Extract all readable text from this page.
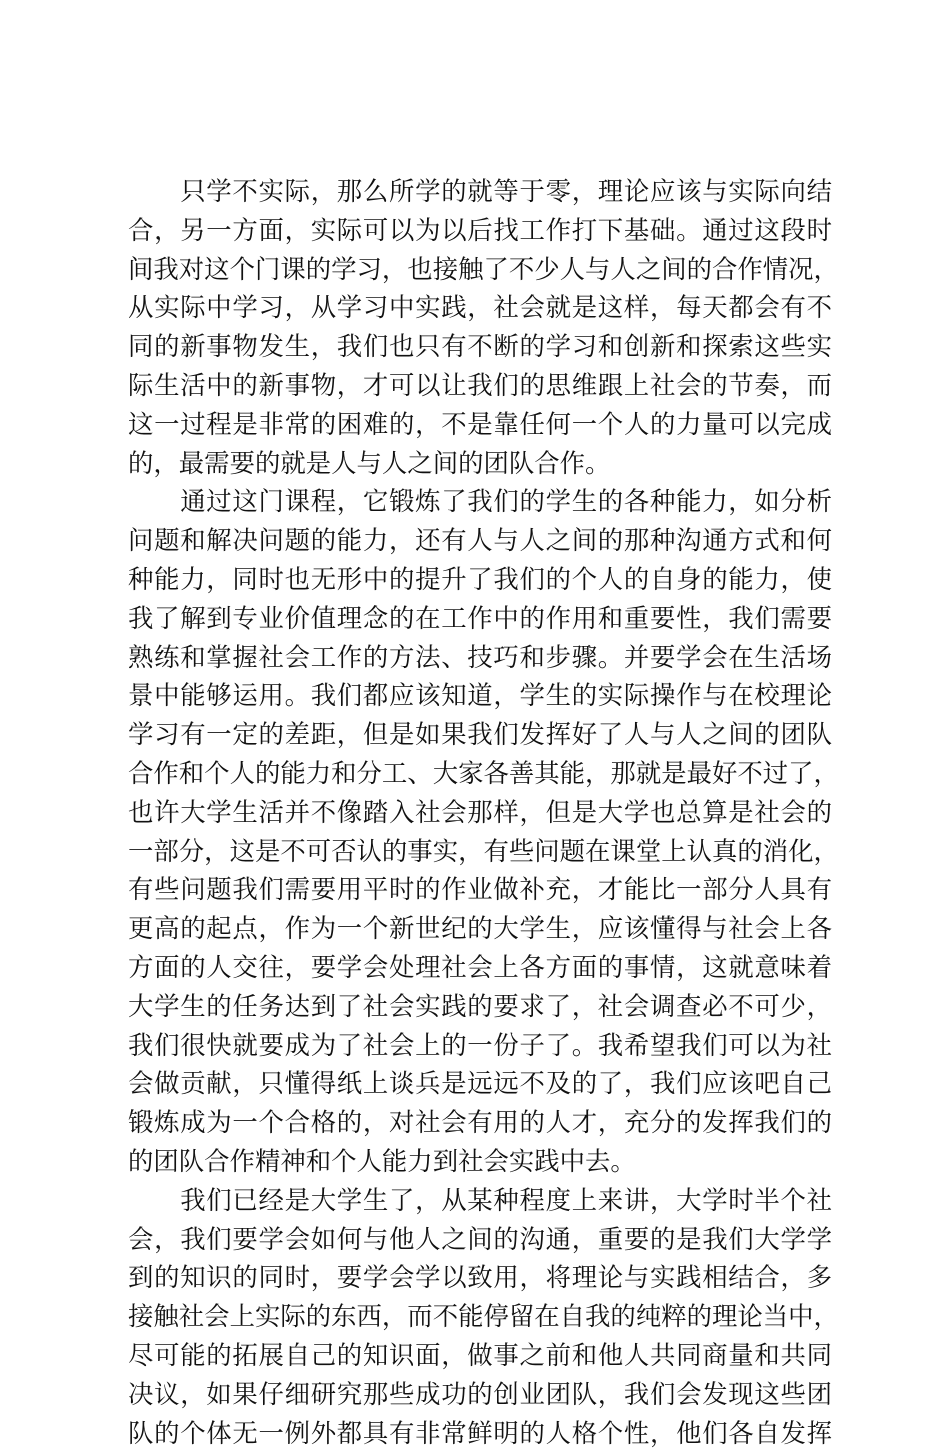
　　只学不实际，那么所学的就等于零，理论应该与实际向结
合，另一方面，实际可以为以后找工作打下基础。通过这段时
间我对这个门课的学习，也接触了不少人与人之间的合作情况，
从实际中学习，从学习中实践，社会就是这样，每天都会有不
同的新事物发生，我们也只有不断的学习和创新和探索这些实
际生活中的新事物，才可以让我们的思维跟上社会的节奏，而
这一过程是非常的困难的，不是靠任何一个人的力量可以完成
的，最需要的就是人与人之间的团队合作。
　　通过这门课程，它锻炼了我们的学生的各种能力，如分析
问题和解决问题的能力，还有人与人之间的那种沟通方式和何
种能力，同时也无形中的提升了我们的个人的自身的能力，使
我了解到专业价值理念的在工作中的作用和重要性，我们需要
熟练和掌握社会工作的方法、技巧和步骤。并要学会在生活场
景中能够运用。我们都应该知道，学生的实际操作与在校理论
学习有一定的差距，但是如果我们发挥好了人与人之间的团队
合作和个人的能力和分工、大家各善其能，那就是最好不过了，
也许大学生活并不像踏入社会那样，但是大学也总算是社会的
一部分，这是不可否认的事实，有些问题在课堂上认真的消化，
有些问题我们需要用平时的作业做补充，才能比一部分人具有
更高的起点，作为一个新世纪的大学生，应该懂得与社会上各
方面的人交往，要学会处理社会上各方面的事情，这就意味着
大学生的任务达到了社会实践的要求了，社会调查必不可少，
我们很快就要成为了社会上的一份子了。我希望我们可以为社
会做贡献，只懂得纸上谈兵是远远不及的了，我们应该吧自己
锻炼成为一个合格的，对社会有用的人才，充分的发挥我们的
的团队合作精神和个人能力到社会实践中去。
　　我们已经是大学生了，从某种程度上来讲，大学时半个社
会，我们要学会如何与他人之间的沟通，重要的是我们大学学
到的知识的同时，要学会学以致用，将理论与实践相结合，多
接触社会上实际的东西，而不能停留在自我的纯粹的理论当中，
尽可能的拓展自己的知识面，做事之前和他人共同商量和共同
决议，如果仔细研究那些成功的创业团队，我们会发现这些团
队的个体无一例外都具有非常鲜明的人格个性，他们各自发挥
